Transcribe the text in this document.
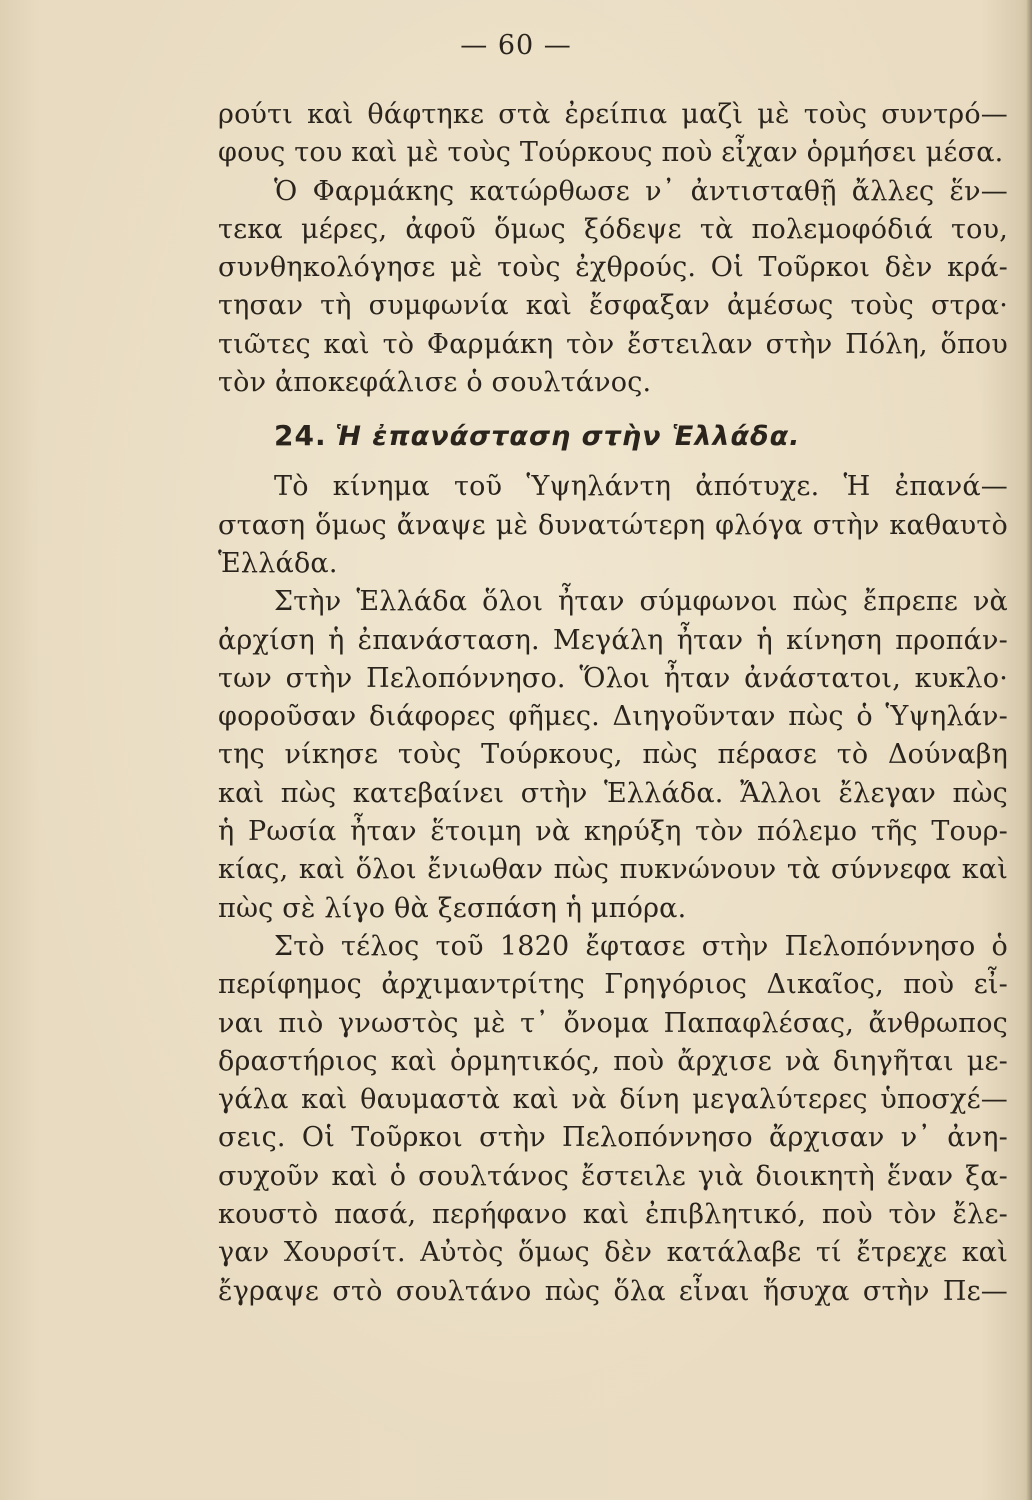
— 60 —
ρούτι καὶ θάφτηκε στὰ ἐρείπια μαζὶ μὲ τοὺς συντρό—
φους του καὶ μὲ τοὺς Τούρκους ποὺ εἶχαν ὁρμήσει μέσα.
Ὁ Φαρμάκης κατώρθωσε ν᾽ ἀντισταθῇ ἄλλες ἕν—
τεκα μέρες, ἀφοῦ ὅμως ξόδεψε τὰ πολεμοφόδιά του,
συνθηκολόγησε μὲ τοὺς ἐχθρούς. Οἱ Τοῦρκοι δὲν κρά-
τησαν τὴ συμφωνία καὶ ἔσφαξαν ἀμέσως τοὺς στρα·
τιῶτες καὶ τὸ Φαρμάκη τὸν ἔστειλαν στὴν Πόλη, ὅπου
τὸν ἀποκεφάλισε ὁ σουλτάνος.
24. Ἡ ἐπανάσταση στὴν Ἑλλάδα.
Τὸ κίνημα τοῦ Ὑψηλάντη ἀπότυχε. Ἡ ἐπανά—
σταση ὅμως ἄναψε μὲ δυνατώτερη φλόγα στὴν καθαυτὸ
Ἑλλάδα.
Στὴν Ἑλλάδα ὅλοι ἦταν σύμφωνοι πὼς ἔπρεπε νὰ
ἀρχίση ἡ ἐπανάσταση. Μεγάλη ἦταν ἡ κίνηση προπάν-
των στὴν Πελοπόννησο. Ὅλοι ἦταν ἀνάστατοι, κυκλο·
φοροῦσαν διάφορες φῆμες. Διηγοῦνταν πὼς ὁ Ὑψηλάν-
της νίκησε τοὺς Τούρκους, πὼς πέρασε τὸ Δούναβη
καὶ πὼς κατεβαίνει στὴν Ἑλλάδα. Ἄλλοι ἔλεγαν πὼς
ἡ Ρωσία ἦταν ἕτοιμη νὰ κηρύξη τὸν πόλεμο τῆς Τουρ-
κίας, καὶ ὅλοι ἔνιωθαν πὼς πυκνώνουν τὰ σύννεφα καὶ
πὼς σὲ λίγο θὰ ξεσπάση ἡ μπόρα.
Στὸ τέλος τοῦ 1820 ἔφτασε στὴν Πελοπόννησο ὁ
περίφημος ἀρχιμαντρίτης Γρηγόριος Δικαῖος, ποὺ εἶ-
ναι πιὸ γνωστὸς μὲ τ᾽ ὄνομα Παπαφλέσας, ἄνθρωπος
δραστήριος καὶ ὁρμητικός, ποὺ ἄρχισε νὰ διηγῆται με-
γάλα καὶ θαυμαστὰ καὶ νὰ δίνη μεγαλύτερες ὑποσχέ—
σεις. Οἱ Τοῦρκοι στὴν Πελοπόννησο ἄρχισαν ν᾽ ἀνη-
συχοῦν καὶ ὁ σουλτάνος ἔστειλε γιὰ διοικητὴ ἕναν ξα-
κουστὸ πασά, περήφανο καὶ ἐπιβλητικό, ποὺ τὸν ἔλε-
γαν Χουρσίτ. Αὐτὸς ὅμως δὲν κατάλαβε τί ἔτρεχε καὶ
ἔγραψε στὸ σουλτάνο πὼς ὅλα εἶναι ἥσυχα στὴν Πε—
